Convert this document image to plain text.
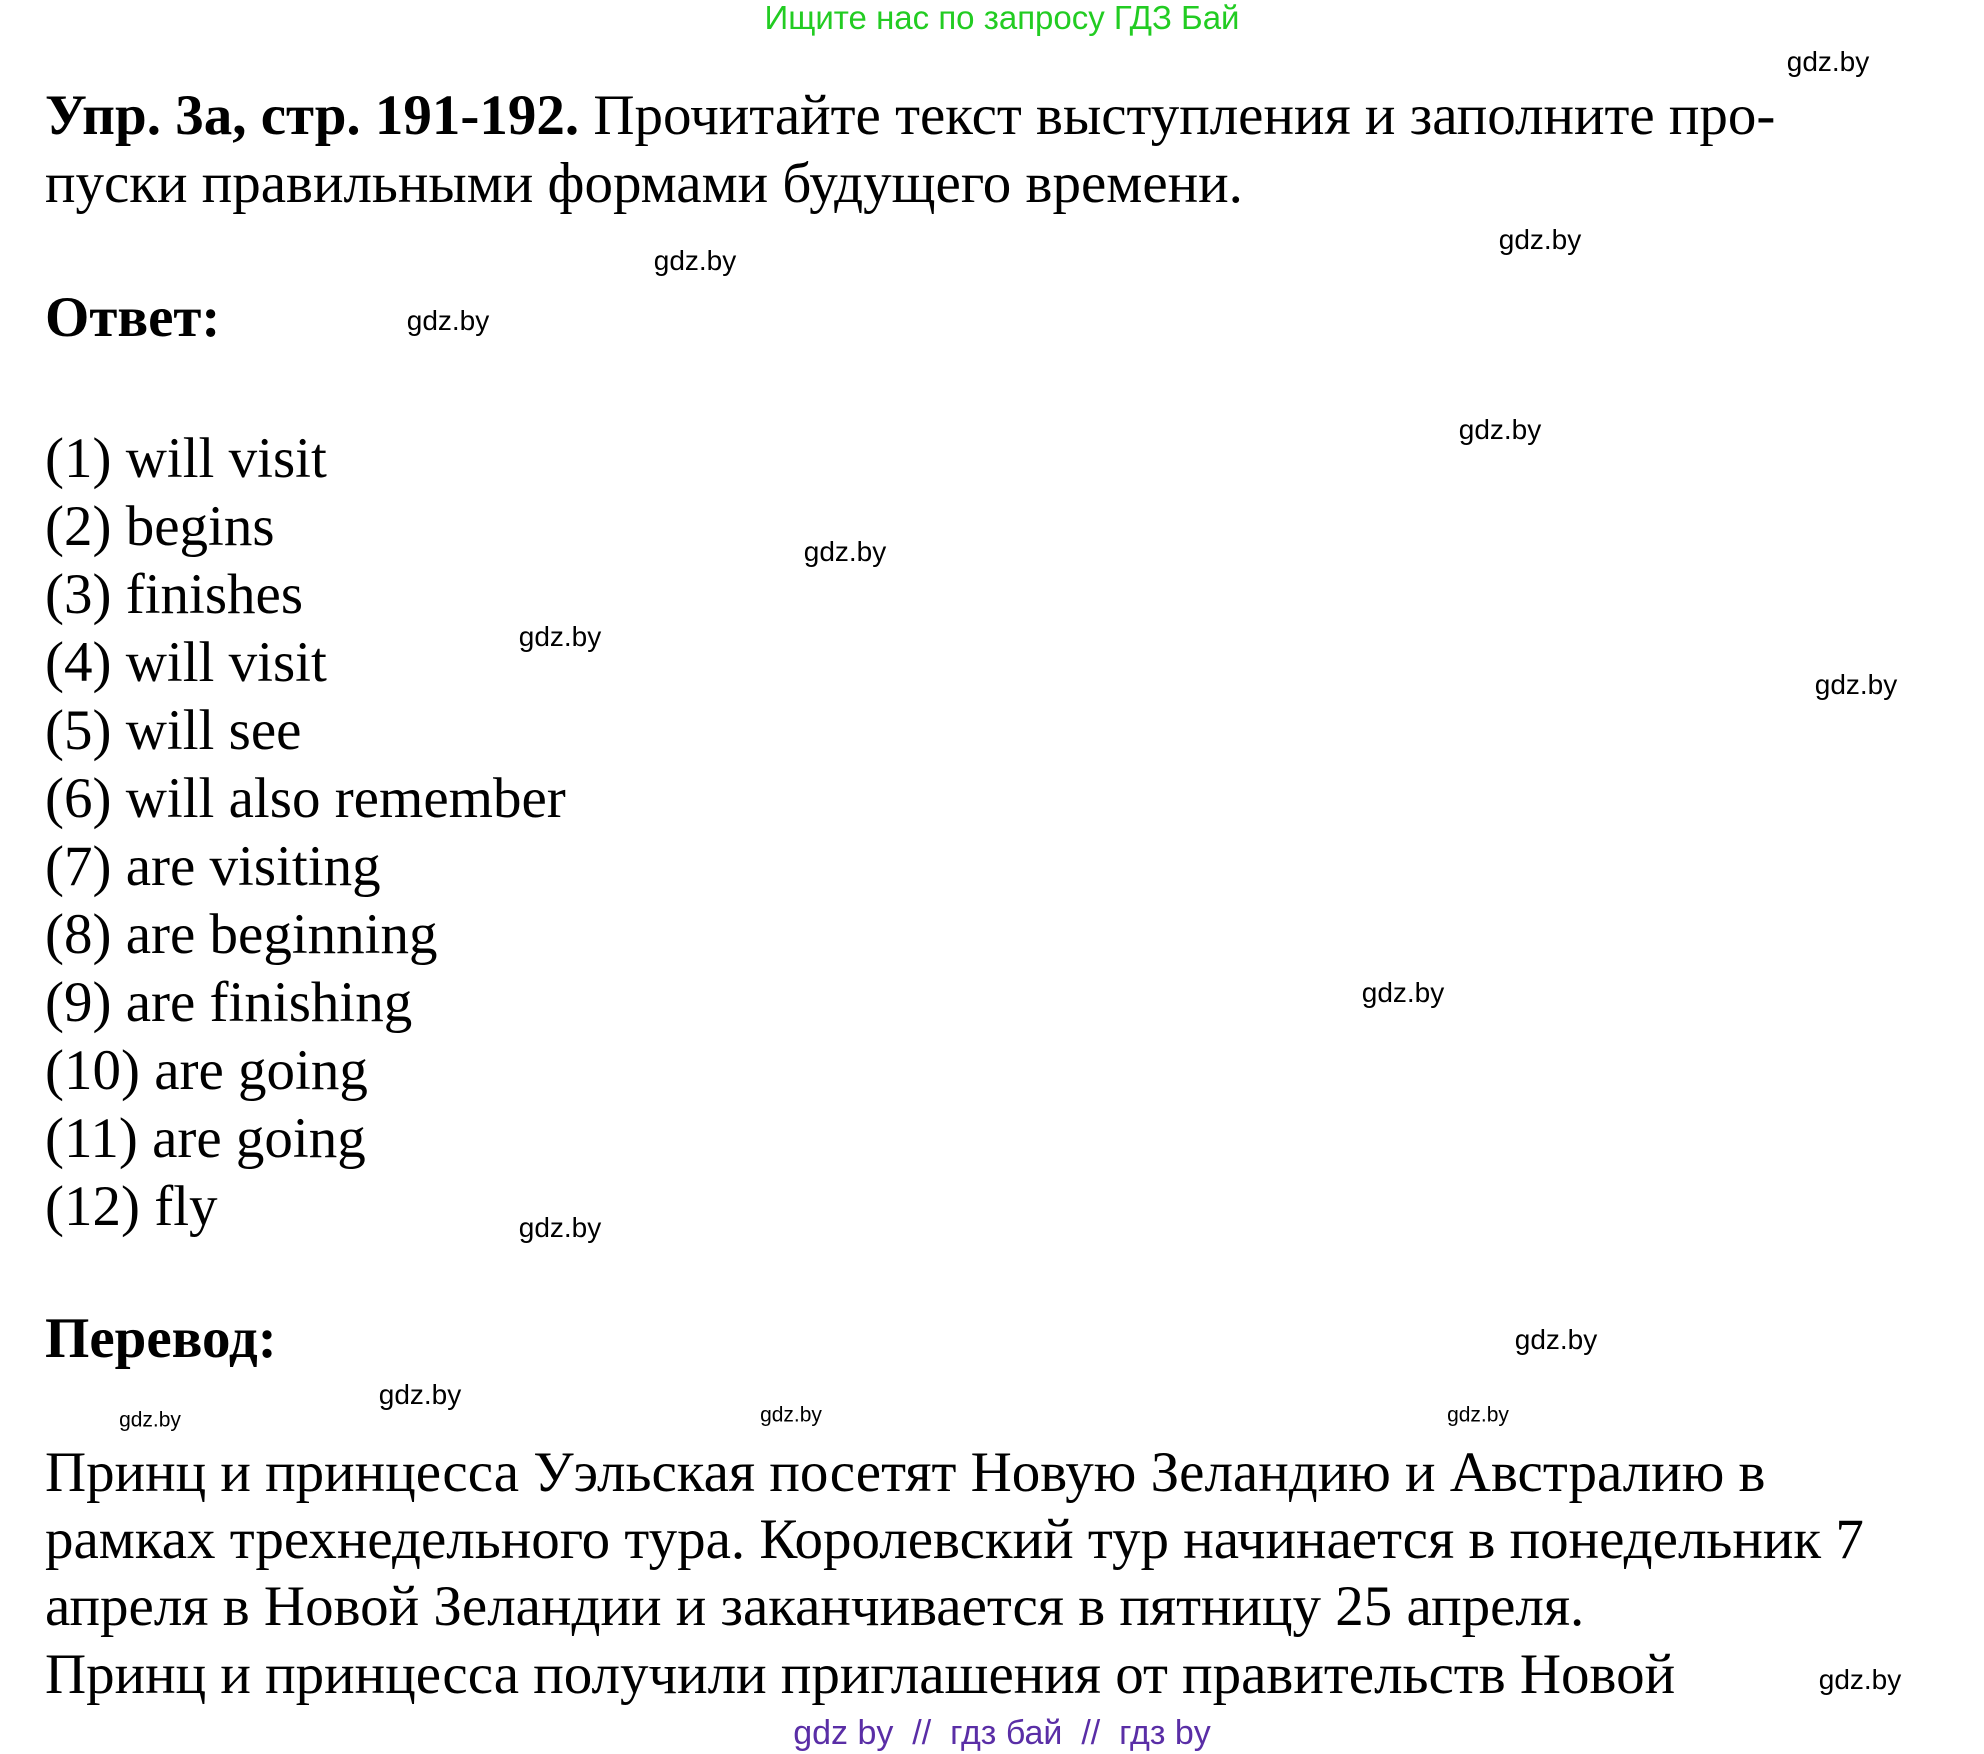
Ищите нас по запросу ГДЗ Бай
Упр. 3а, стр. 191-192. Прочитайте текст выступления и заполните про-
пуски правильными формами будущего времени.
Ответ:
(1) will visit
(2) begins
(3) finishes
(4) will visit
(5) will see
(6) will also remember
(7) are visiting
(8) are beginning
(9) are finishing
(10) are going
(11) are going
(12) fly
Перевод:
Принц и принцесса Уэльская посетят Новую Зеландию и Австралию в
рамках трехнедельного тура. Королевский тур начинается в понедельник 7
апреля в Новой Зеландии и заканчивается в пятницу 25 апреля.
Принц и принцесса получили приглашения от правительств Новой
gdz.by
gdz.by
gdz.by
gdz.by
gdz.by
gdz.by
gdz.by
gdz.by
gdz.by
gdz.by
gdz.by
gdz.by
gdz.by	gdz.by
gdz.by
gdz.by
gdz by  //  гдз бай  //  гдз by
